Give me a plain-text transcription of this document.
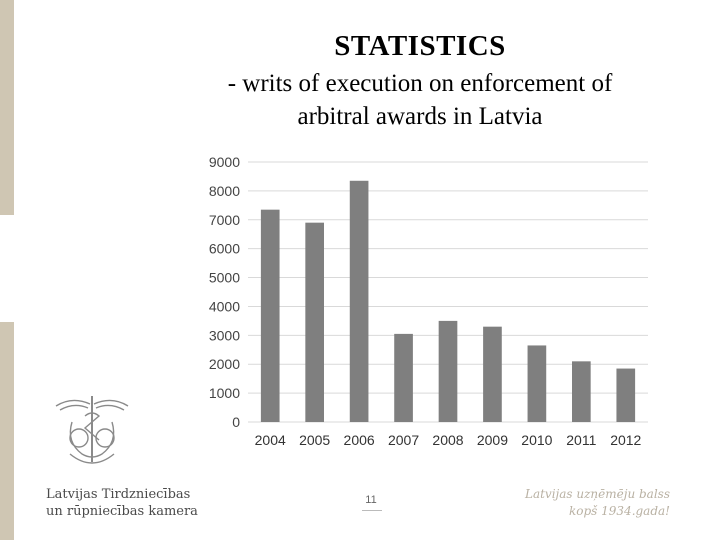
STATISTICS
- writs of execution on enforcement of
arbitral awards in Latvia
0
1000
2000
3000
4000
5000
6000
7000
8000
9000
2004 2005 2006 2007 2008 2009 2010 2011 2012
Latvijas Tirdzniecības
un rūpniecības kamera
11	Latvijas uzņēmēju balss
kopš 1934.gada!
